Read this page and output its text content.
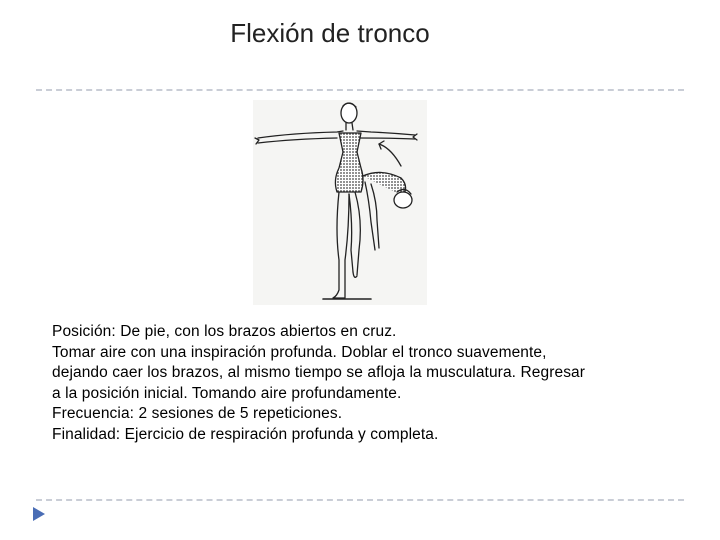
Flexión de tronco

Posición: De pie, con los brazos abiertos en cruz.

Tomar aire con una inspiración profunda. Doblar el tronco suavemente,

dejando caer los brazos, al mismo tiempo se afloja la musculatura. Regresar

a la posición inicial. Tomando aire profundamente.

Frecuencia: 2 sesiones de 5 repeticiones.

Finalidad: Ejercicio de respiración profunda y completa.
